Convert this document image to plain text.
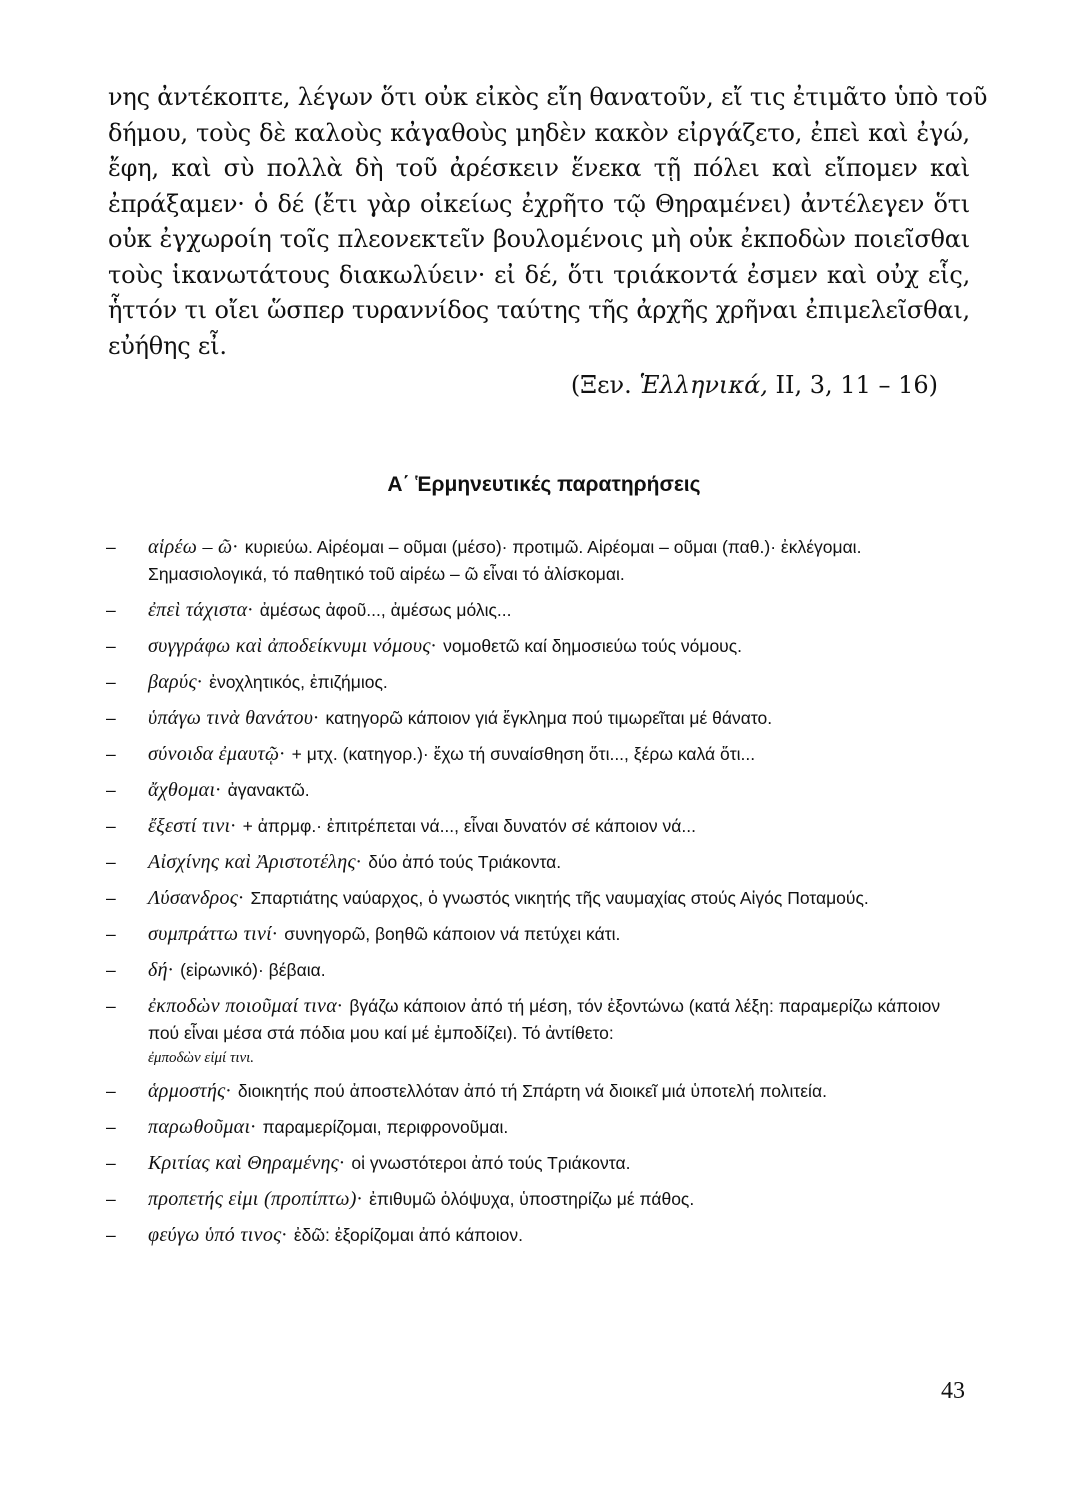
νης ἀντέκοπτε, λέγων ὅτι οὐκ εἰκὸς εἴη θανατοῦν, εἴ τις ἐτιμᾶτο ὑπὸ τοῦ
δήμου, τοὺς δὲ καλοὺς κἀγαθοὺς μηδὲν κακὸν εἰργάζετο, ἐπεὶ καὶ ἐγώ,
ἔφη, καὶ σὺ πολλὰ δὴ τοῦ ἀρέσκειν ἕνεκα τῇ πόλει καὶ εἴπομεν καὶ
ἐπράξαμεν· ὁ δέ (ἔτι γὰρ οἰκείως ἐχρῆτο τῷ Θηραμένει) ἀντέλεγεν ὅτι
οὐκ ἐγχωροίη τοῖς πλεονεκτεῖν βουλομένοις μὴ οὐκ ἐκποδὼν ποιεῖσθαι
τοὺς ἱκανωτάτους διακωλύειν· εἰ δέ, ὅτι τριάκοντά ἐσμεν καὶ οὐχ εἷς,
ἧττόν τι οἴει ὥσπερ τυραννίδος ταύτης τῆς ἀρχῆς χρῆναι ἐπιμελεῖσθαι,
εὐήθης εἶ.
(Ξεν. Ἑλληνικά, ΙΙ, 3, 11 – 16)
Α΄ Ἑρμηνευτικές παρατηρήσεις
– αἱρέω – ῶ· κυριεύω. Αἱρέομαι – οῦμαι (μέσο)· προτιμῶ. Αἱρέομαι – οῦμαι (παθ.)· ἐκλέγομαι. Σημασιολογικά, τό παθητικό τοῦ αἱρέω – ῶ εἶναι τό ἁλίσκομαι.
– ἐπεὶ τάχιστα· ἀμέσως ἀφοῦ..., ἀμέσως μόλις...
– συγγράφω καὶ ἀποδείκνυμι νόμους· νομοθετῶ καί δημοσιεύω τούς νόμους.
– βαρύς· ἐνοχλητικός, ἐπιζήμιος.
– ὑπάγω τινὰ θανάτου· κατηγορῶ κάποιον γιά ἔγκλημα πού τιμωρεῖται μέ θάνατο.
– σύνοιδα ἐμαυτῷ· + μτχ. (κατηγορ.)· ἔχω τή συναίσθηση ὅτι..., ξέρω καλά ὅτι...
– ἄχθομαι· ἀγανακτῶ.
– ἔξεστί τινι· + ἀπρμφ.· ἐπιτρέπεται νά..., εἶναι δυνατόν σέ κάποιον νά...
– Αἰσχίνης καὶ Ἀριστοτέλης· δύο ἀπό τούς Τριάκοντα.
– Λύσανδρος· Σπαρτιάτης ναύαρχος, ὁ γνωστός νικητής τῆς ναυμαχίας στούς Αἰγός Ποταμούς.
– συμπράττω τινί· συνηγορῶ, βοηθῶ κάποιον νά πετύχει κάτι.
– δή· (εἰρωνικό)· βέβαια.
– ἐκποδὼν ποιοῦμαί τινα· βγάζω κάποιον ἀπό τή μέση, τόν ἐξοντώνω (κατά λέξη: παραμερίζω κάποιον πού εἶναι μέσα στά πόδια μου καί μέ ἐμποδίζει). Τό ἀντίθετο:
ἐμποδὼν εἰμί τινι.
– ἁρμοστής· διοικητής πού ἀποστελλόταν ἀπό τή Σπάρτη νά διοικεῖ μιά ὑποτελή πολιτεία.
– παρωθοῦμαι· παραμερίζομαι, περιφρονοῦμαι.
– Κριτίας καὶ Θηραμένης· οἱ γνωστότεροι ἀπό τούς Τριάκοντα.
– προπετής εἰμι (προπίπτω)· ἐπιθυμῶ ὁλόψυχα, ὑποστηρίζω μέ πάθος.
– φεύγω ὑπό τινος· ἐδῶ: ἐξορίζομαι ἀπό κάποιον.
43
